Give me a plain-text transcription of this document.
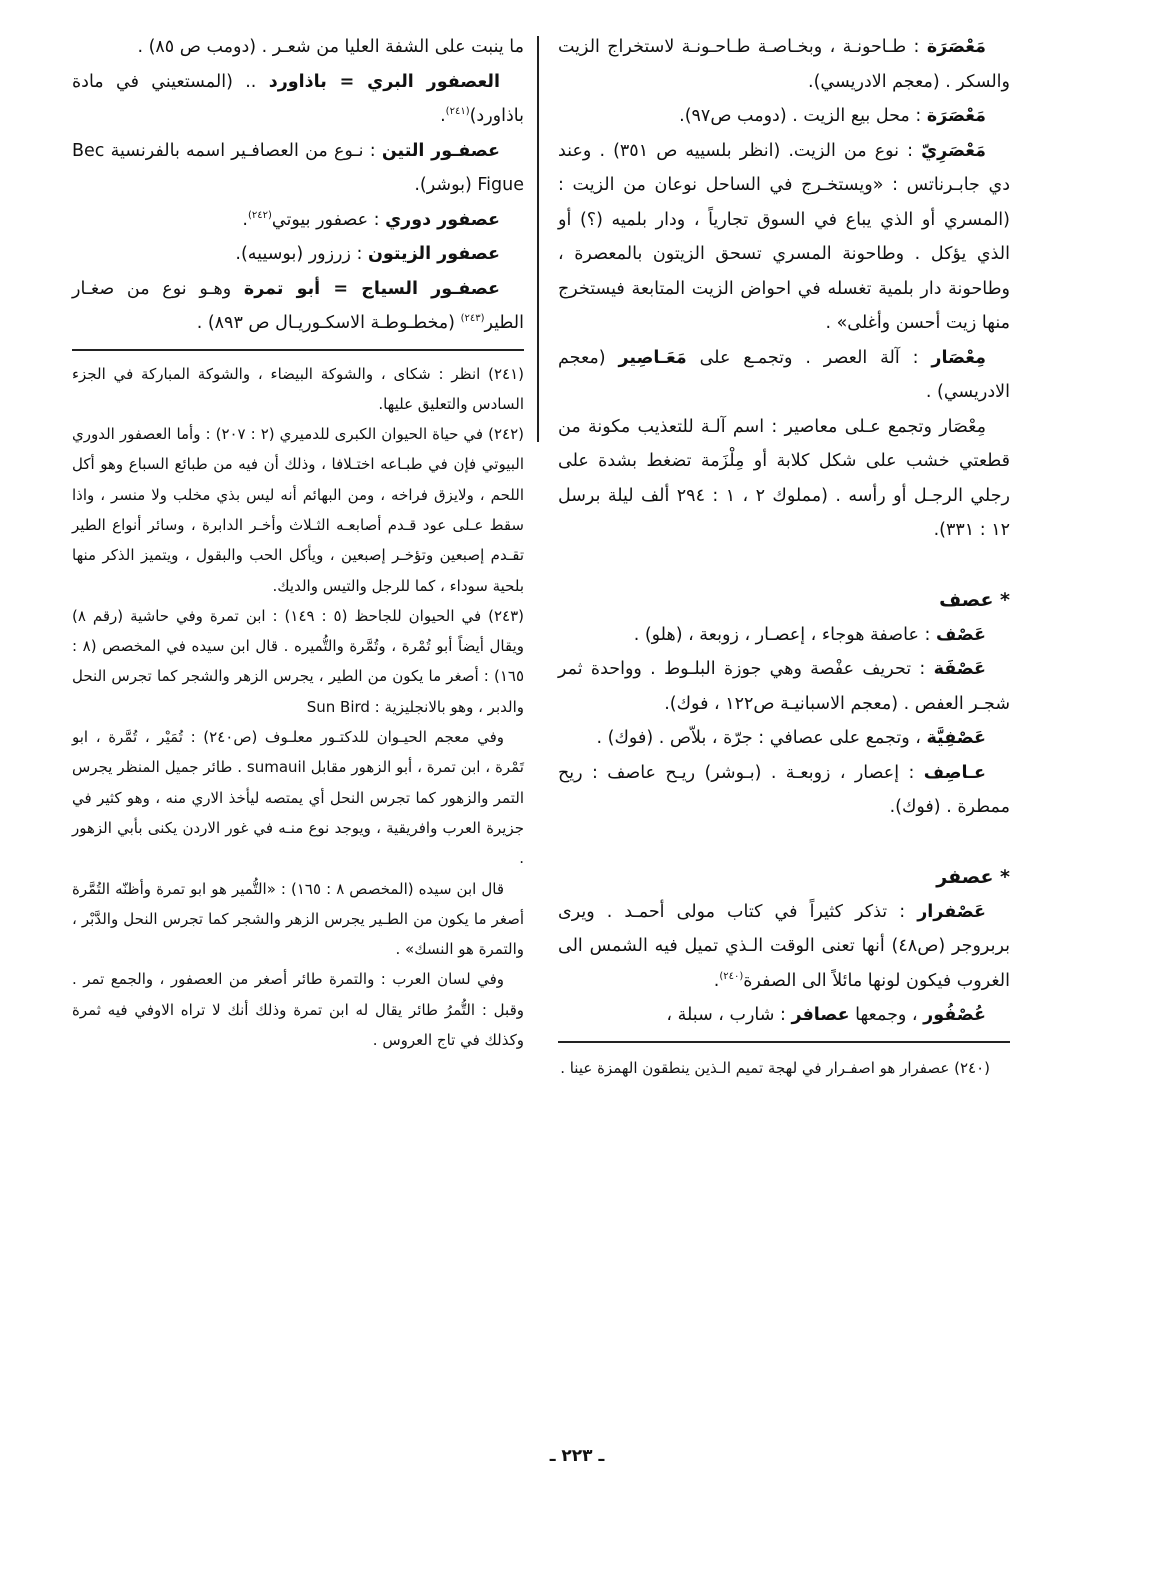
مَعْصَرَة : طـاحونـة ، وبخـاصـة طـاحـونـة لاستخراج الزيت والسكر . (معجم الادريسي).

مَعْصَرَة : محل بيع الزيت . (دومب ص٩٧).

مَعْصَرِيّ : نوع من الزيت. (انظر بلسييه ص ٣٥١) . وعند دي جابـرناتس : «ويستخـرج في الساحل نوعان من الزيت : (المسري أو الذي يباع في السوق تجارياً ، ودار بلميه (؟) أو الذي يؤكل . وطاحونة المسري تسحق الزيتون بالمعصرة ، وطاحونة دار بلمية تغسله في احواض الزيت المتابعة فيستخرج منها زيت أحسن وأغلى» .

مِعْصَار : آلة العصر . وتجمـع على مَعَـاصِير (معجم الادريسي) .

مِعْصَار وتجمع عـلى معاصير : اسم آلـة للتعذيب مكونة من قطعتي خشب على شكل كلابة أو مِلْزَمة تضغط بشدة على رجلي الرجـل أو رأسه . (مملوك ٢ ، ١ : ٢٩٤ ألف ليلة برسل ١٢ : ٣٣١).

* عصف

عَصْف : عاصفة هوجاء ، إعصـار ، زوبعة ، (هلو) .

عَصْفَة : تحريف عفْصة وهي جوزة البلـوط . وواحدة ثمر شجـر العفص . (معجم الاسبانيـة ص١٢٢ ، فوك).

عَصْفِيَّة ، وتجمع على عصافي : جرّة ، بلاّص . (فوك) .

عـاصِف : إعصار ، زوبعـة . (بـوشر) ريـح عاصف : ريح ممطرة . (فوك).

* عصفر

عَصْفرار : تذكر كثيراً في كتاب مولى أحمـد . ويرى بربروجر (ص٤٨) أنها تعنى الوقت الـذي تميل فيه الشمس الى الغروب فيكون لونها مائلاً الى الصفرة$^{(٢٤٠)}$.

عُصْفُور ، وجمعها عصافر : شارب ، سبلة ،

(٢٤٠) عصفرار هو اصفـرار في لهجة تميم الـذين ينطقون الهمزة عينا .

ما ينبت على الشفة العليا من شعـر . (دومب ص ٨٥) .

العصفور البري = باذاورد .. (المستعيني في مادة باذاورد)$^{(٢٤١)}$.

عصفـور التين : نـوع من العصافـير اسمه بالفرنسية Bec Figue (بوشر).

عصفور دوري : عصفور بيوتي$^{(٢٤٢)}$.

عصفور الزيتون : زرزور (بوسييه).

عصفـور السياج = أبو تمرة وهـو نوع من صغـار الطير$^{(٢٤٣)}$ (مخطـوطـة الاسكـوريـال ص ٨٩٣) .

(٢٤١) انظر : شكاى ، والشوكة البيضاء ، والشوكة المباركة في الجزء السادس والتعليق عليها.

(٢٤٢) في حياة الحيوان الكبرى للدميري (٢ : ٢٠٧) : وأما العصفور الدوري البيوتي فإن في طبـاعه اختـلافا ، وذلك أن فيه من طبائع السباع وهو أكل اللحم ، ولايزق فراخه ، ومن البهائم أنه ليس بذي مخلب ولا منسر ، واذا سقط عـلى عود قـدم أصابعـه الثـلاث وأخـر الدابرة ، وسائر أنواع الطير تقـدم إصبعين وتؤخـر إصبعين ، ويأكل الحب والبقول ، ويتميز الذكر منها بلحية سوداء ، كما للرجل والتيس والديك.

(٢٤٣) في الحيوان للجاحظ (٥ : ١٤٩) : ابن تمرة وفي حاشية (رقم ٨) ويقال أيضاً أبو تُمْرة ، وتُمَّرة والتُّميره . قال ابن سيده في المخصص (٨ : ١٦٥) : أصغر ما يكون من الطير ، يجرس الزهر والشجر كما تجرس النحل والدبر ، وهو بالانجليزية : Sun Bird

وفي معجم الحيـوان للدكتـور معلـوف (ص٢٤٠) : تُمَيْر ، تُمَّرة ، ابو تَمْرة ، ابن تمرة ، أبو الزهور مقابل sumauil . طائر جميل المنظر يجرس التمر والزهور كما تجرس النحل أي يمتصه ليأخذ الاري منه ، وهو كثير في جزيرة العرب وافريقية ، ويوجد نوع منـه في غور الاردن يكنى بأبي الزهور .

قال ابن سيده (المخصص ٨ : ١٦٥) : «التُّمير هو ابو تمرة وأظنّه التُمَّرة أصغر ما يكون من الطـير يجرس الزهر والشجر كما تجرس النحل والدَّبْر ، والتمرة هو النسك» .

وفي لسان العرب : والتمرة طائر أصغر من العصفور ، والجمع تمر . وقبل : التُّمرُ طائر يقال له ابن تمرة وذلك أنك لا تراه الاوفي فيه ثمرة وكذلك في تاج العروس .

ـ ٢٢٣ ـ
